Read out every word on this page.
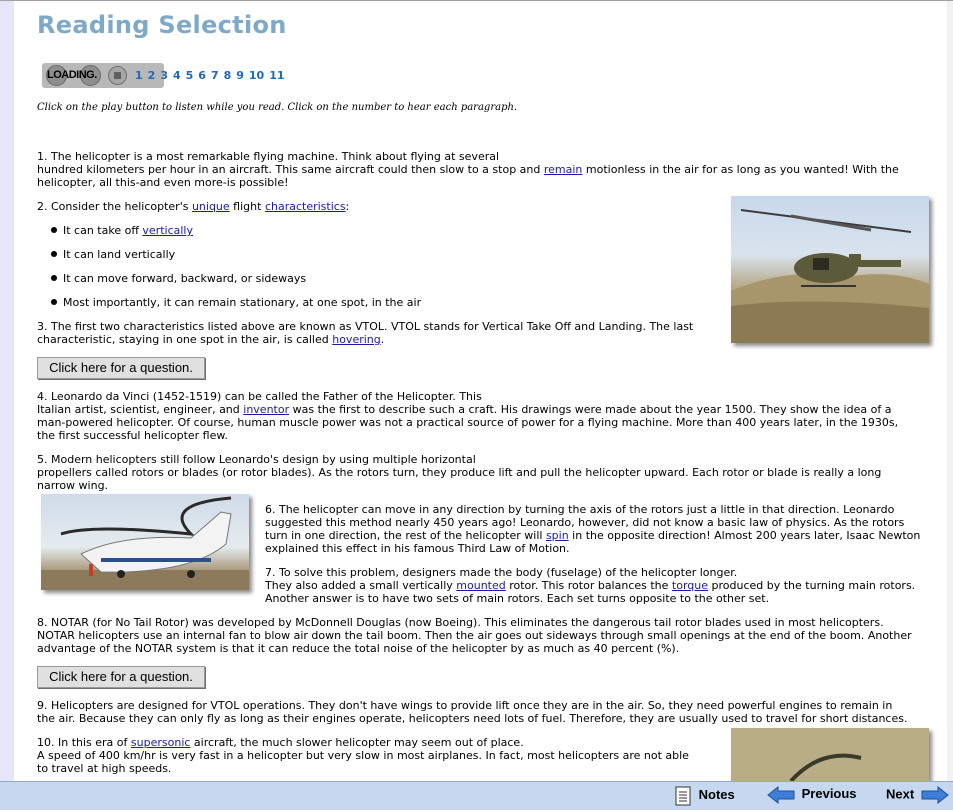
Reading Selection
LOADING.	1 2 3 4 5 6 7 8 9 10 11
Click on the play button to listen while you read. Click on the number to hear each paragraph.
1. The helicopter is a most remarkable flying machine. Think about flying at several
hundred kilometers per hour in an aircraft. This same aircraft could then slow to a stop and remain motionless in the air for as long as you wanted! With the
helicopter, all this-and even more-is possible!
2. Consider the helicopter's unique flight characteristics:
It can take off vertically
It can land vertically
It can move forward, backward, or sideways
Most importantly, it can remain stationary, at one spot, in the air
3. The first two characteristics listed above are known as VTOL. VTOL stands for Vertical Take Off and Landing. The last
characteristic, staying in one spot in the air, is called hovering.
Click here for a question.
4. Leonardo da Vinci (1452-1519) can be called the Father of the Helicopter. This
Italian artist, scientist, engineer, and inventor was the first to describe such a craft. His drawings were made about the year 1500. They show the idea of a
man-powered helicopter. Of course, human muscle power was not a practical source of power for a flying machine. More than 400 years later, in the 1930s,
the first successful helicopter flew.
5. Modern helicopters still follow Leonardo's design by using multiple horizontal
propellers called rotors or blades (or rotor blades). As the rotors turn, they produce lift and pull the helicopter upward. Each rotor or blade is really a long
narrow wing.
6. The helicopter can move in any direction by turning the axis of the rotors just a little in that direction. Leonardo
suggested this method nearly 450 years ago! Leonardo, however, did not know a basic law of physics. As the rotors
turn in one direction, the rest of the helicopter will spin in the opposite direction! Almost 200 years later, Isaac Newton
explained this effect in his famous Third Law of Motion.
7. To solve this problem, designers made the body (fuselage) of the helicopter longer.
They also added a small vertically mounted rotor. This rotor balances the torque produced by the turning main rotors.
Another answer is to have two sets of main rotors. Each set turns opposite to the other set.
8. NOTAR (for No Tail Rotor) was developed by McDonnell Douglas (now Boeing). This eliminates the dangerous tail rotor blades used in most helicopters.
NOTAR helicopters use an internal fan to blow air down the tail boom. Then the air goes out sideways through small openings at the end of the boom. Another
advantage of the NOTAR system is that it can reduce the total noise of the helicopter by as much as 40 percent (%).
Click here for a question.
9. Helicopters are designed for VTOL operations. They don't have wings to provide lift once they are in the air. So, they need powerful engines to remain in
the air. Because they can only fly as long as their engines operate, helicopters need lots of fuel. Therefore, they are usually used to travel for short distances.
10. In this era of supersonic aircraft, the much slower helicopter may seem out of place.
A speed of 400 km/hr is very fast in a helicopter but very slow in most airplanes. In fact, most helicopters are not able
to travel at high speeds.
Notes	Previous Next
